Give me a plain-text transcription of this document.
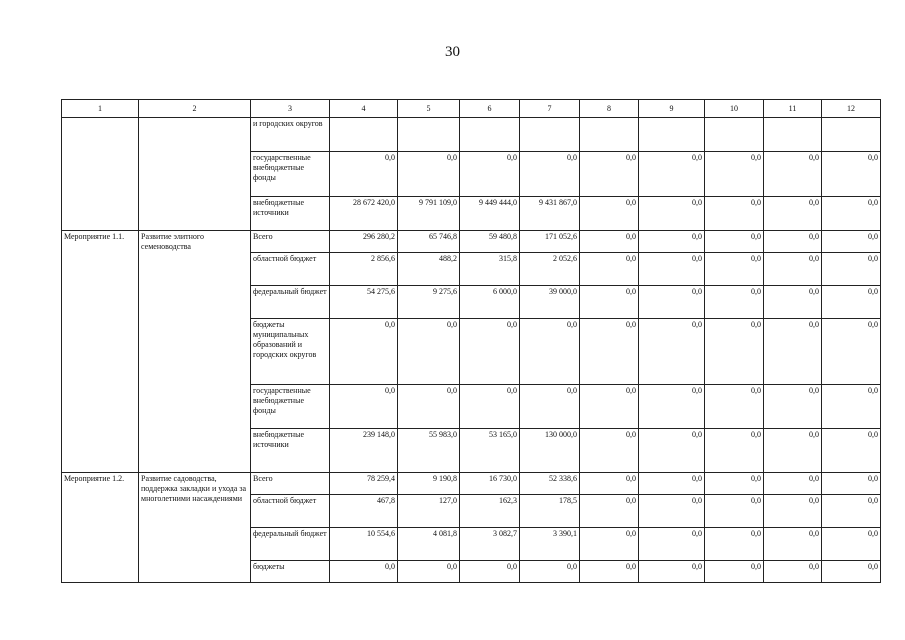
30
1	2	3	4	5	6	7	8	9	10	11	12
		и городских округов									
		государственные внебюджетные фонды	0,0	0,0	0,0	0,0	0,0	0,0	0,0	0,0	0,0
		внебюджетные источники	28 672 420,0	9 791 109,0	9 449 444,0	9 431 867,0	0,0	0,0	0,0	0,0	0,0
Мероприятие 1.1.	Развитие элитного семеноводства	Всего	296 280,2	65 746,8	59 480,8	171 052,6	0,0	0,0	0,0	0,0	0,0
		областной бюджет	2 856,6	488,2	315,8	2 052,6	0,0	0,0	0,0	0,0	0,0
		федеральный бюджет	54 275,6	9 275,6	6 000,0	39 000,0	0,0	0,0	0,0	0,0	0,0
		бюджеты муниципальных образований и городских округов	0,0	0,0	0,0	0,0	0,0	0,0	0,0	0,0	0,0
		государственные внебюджетные фонды	0,0	0,0	0,0	0,0	0,0	0,0	0,0	0,0	0,0
		внебюджетные источники	239 148,0	55 983,0	53 165,0	130 000,0	0,0	0,0	0,0	0,0	0,0
Мероприятие 1.2.	Развитие садоводства, поддержка закладки и ухода за многолетними насаждениями	Всего	78 259,4	9 190,8	16 730,0	52 338,6	0,0	0,0	0,0	0,0	0,0
		областной бюджет	467,8	127,0	162,3	178,5	0,0	0,0	0,0	0,0	0,0
		федеральный бюджет	10 554,6	4 081,8	3 082,7	3 390,1	0,0	0,0	0,0	0,0	0,0
		бюджеты	0,0	0,0	0,0	0,0	0,0	0,0	0,0	0,0	0,0
